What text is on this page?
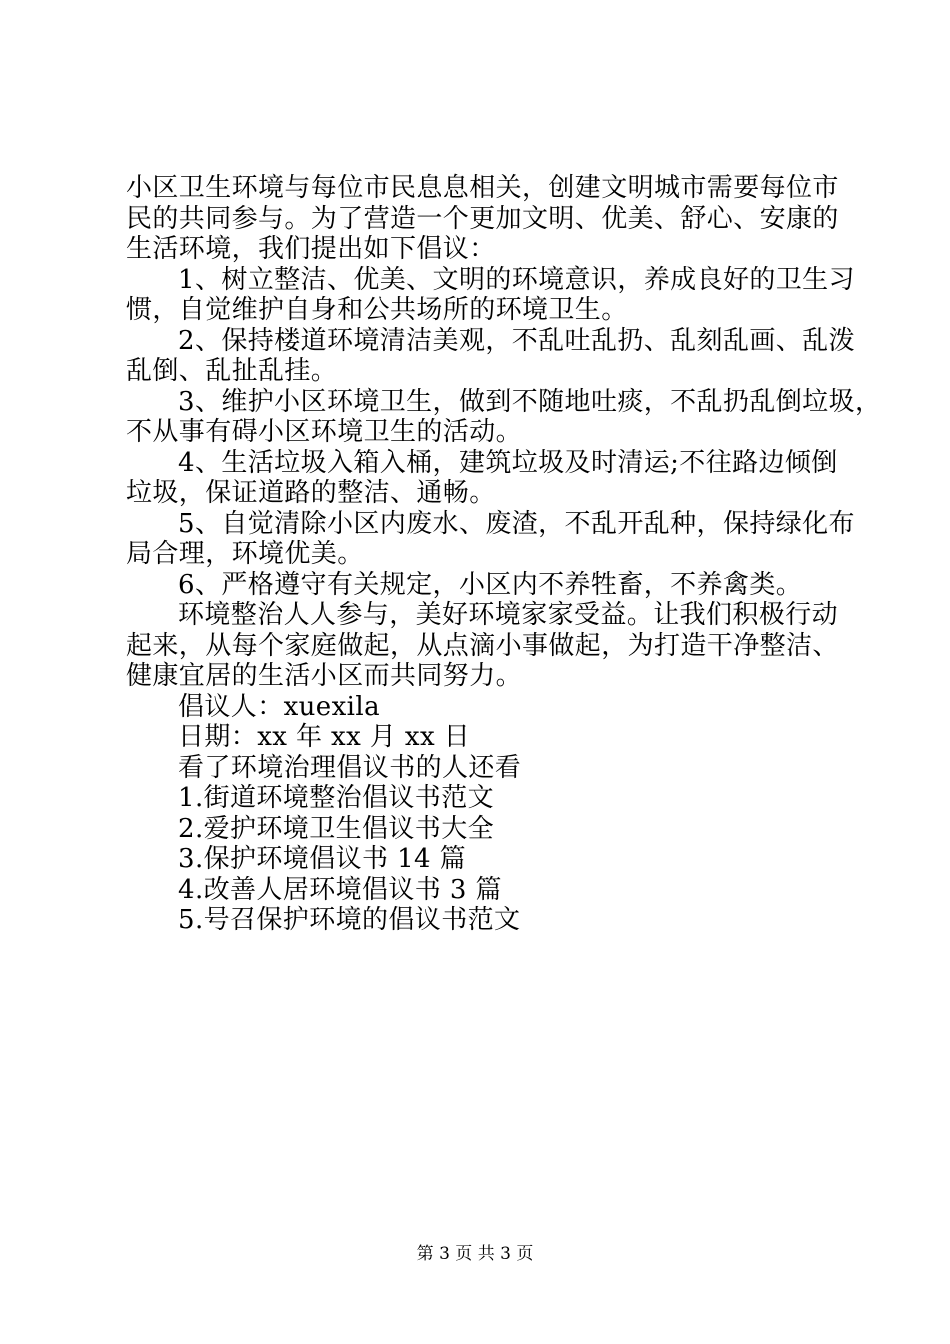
小区卫生环境与每位市民息息相关，创建文明城市需要每位市
民的共同参与。为了营造一个更加文明、优美、舒心、安康的
生活环境，我们提出如下倡议：
1、树立整洁、优美、文明的环境意识，养成良好的卫生习
惯，自觉维护自身和公共场所的环境卫生。
2、保持楼道环境清洁美观，不乱吐乱扔、乱刻乱画、乱泼
乱倒、乱扯乱挂。
3、维护小区环境卫生，做到不随地吐痰，不乱扔乱倒垃圾，
不从事有碍小区环境卫生的活动。
4、生活垃圾入箱入桶，建筑垃圾及时清运;不往路边倾倒
垃圾，保证道路的整洁、通畅。
5、自觉清除小区内废水、废渣，不乱开乱种，保持绿化布
局合理，环境优美。
6、严格遵守有关规定，小区内不养牲畜，不养禽类。
环境整治人人参与，美好环境家家受益。让我们积极行动
起来，从每个家庭做起，从点滴小事做起，为打造干净整洁、
健康宜居的生活小区而共同努力。
倡议人：xuexila
日期：xx 年 xx 月 xx 日
看了环境治理倡议书的人还看
1.街道环境整治倡议书范文
2.爱护环境卫生倡议书大全
3.保护环境倡议书 14 篇
4.改善人居环境倡议书 3 篇
5.号召保护环境的倡议书范文
第 3 页 共 3 页
